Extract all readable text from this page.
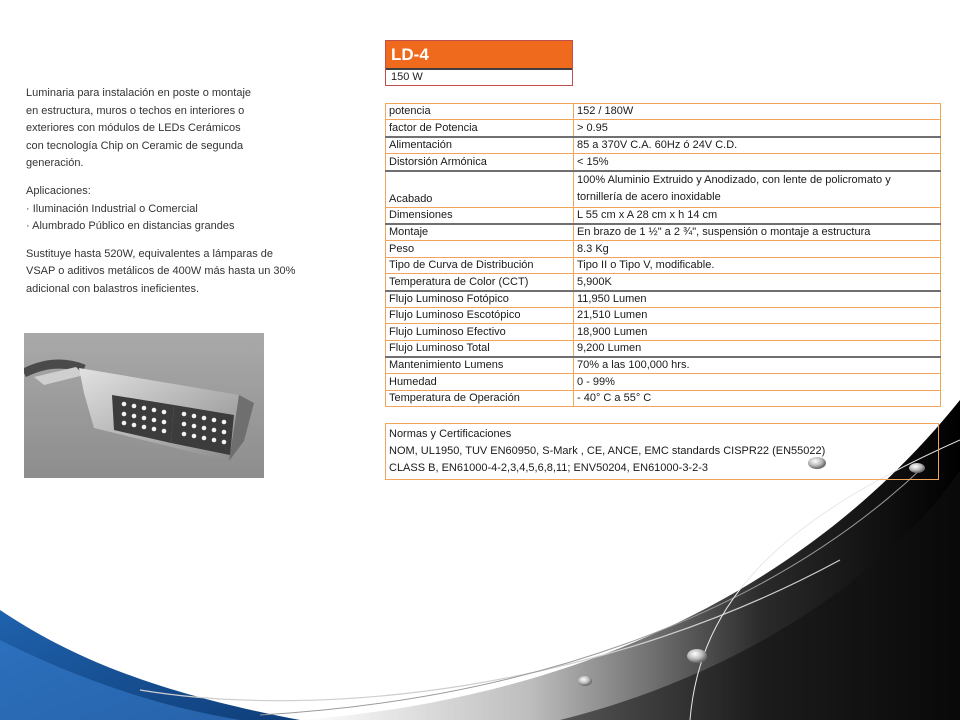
Luminaria para instalación en poste o montaje

en estructura, muros o techos en interiores o

exteriores con módulos de LEDs Cerámicos

con tecnología Chip on Ceramic de segunda

generación.

Aplicaciones:

· Iluminación Industrial o Comercial

· Alumbrado Público en distancias grandes

Sustituye hasta 520W, equivalentes a lámparas de

VSAP o aditivos metálicos de 400W más hasta un 30%

adicional con balastros ineficientes.

LD-4
150 W
potencia	152 / 180W
factor de Potencia	> 0.95
Alimentación	85 a 370V C.A. 60Hz ó 24V C.D.
Distorsión Armónica	< 15%
Acabado	100% Aluminio Extruido y Anodizado, con lente de policromato y tornillería de acero inoxidable
Dimensiones	L 55 cm x A 28 cm x h 14 cm
Montaje	En brazo de 1 ½" a 2 ¾", suspensión o montaje a estructura
Peso	8.3 Kg
Tipo de Curva de Distribución	Tipo II o Tipo V, modificable.
Temperatura de Color (CCT)	5,900K
Flujo Luminoso Fotópico	11,950 Lumen
Flujo Luminoso Escotópico	21,510 Lumen
Flujo Luminoso Efectivo	18,900 Lumen
Flujo Luminoso Total	9,200 Lumen
Mantenimiento Lumens	70% a las 100,000 hrs.
Humedad	0 - 99%
Temperatura de Operación	- 40° C a 55° C
Normas y Certificaciones
NOM, UL1950, TUV EN60950, S-Mark , CE, ANCE, EMC standards CISPR22 (EN55022)
CLASS B, EN61000-4-2,3,4,5,6,8,11; ENV50204, EN61000-3-2-3
